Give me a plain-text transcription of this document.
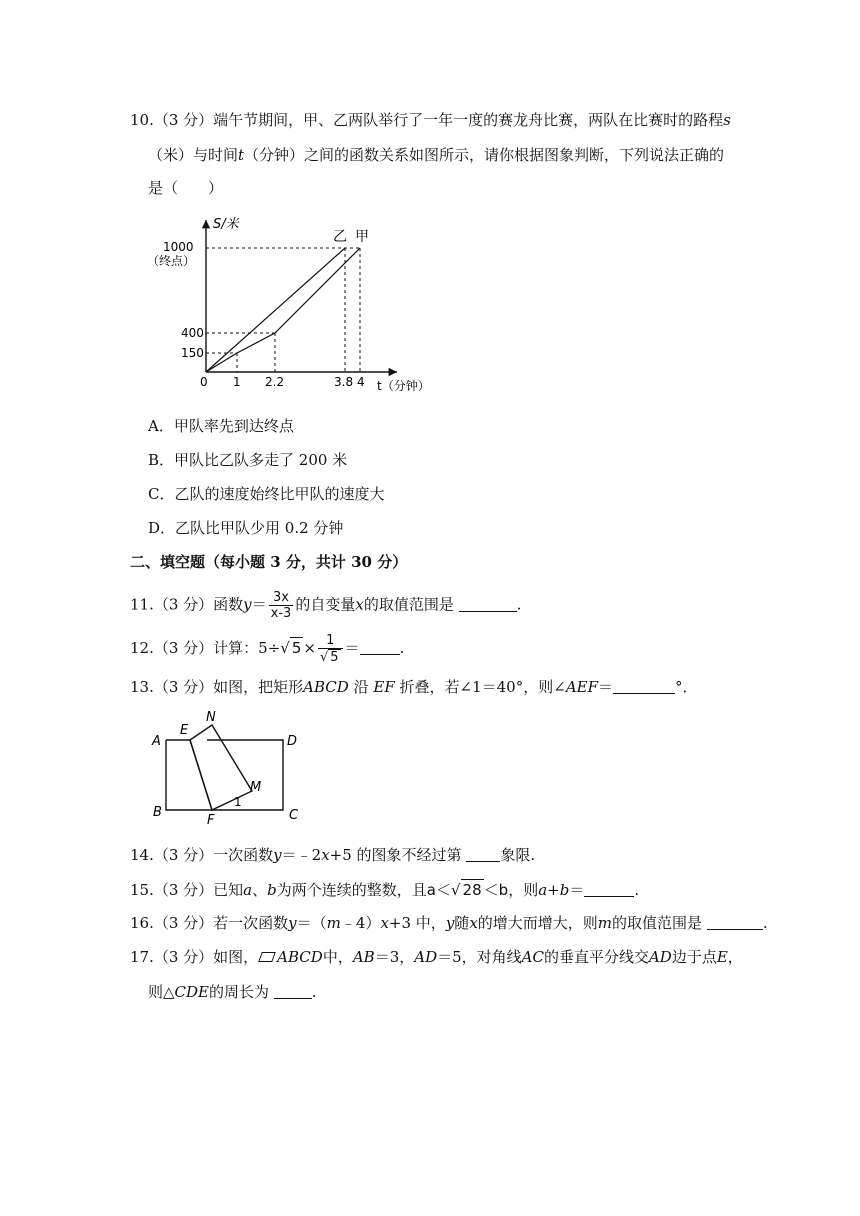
10.（3 分）端午节期间，甲、乙两队举行了一年一度的赛龙舟比赛，两队在比赛时的路程s
（米）与时间t（分钟）之间的函数关系如图所示，请你根据图象判断，下列说法正确的
是（　　）
S/米
1000
（终点）
400
150
0 1 2.2	3.8 4 t（分钟）
乙 甲
A．甲队率先到达终点
B．甲队比乙队多走了 200 米
C．乙队的速度始终比甲队的速度大
D．乙队比甲队少用 0.2 分钟
二、填空题（每小题 3 分，共计 30 分）
11.（3 分）函数$y= \frac{3x}{x-3}$ 的自变量x的取值范围是	.
12.（3 分）计算：5÷√ $5 \times \frac{1}{√ 5}$ ＝	.
13.（3 分）如图，把矩形ABCD 沿 EF 折叠，若∠1＝40°，则∠AEF＝	°．
A
B	C
D
E
N
M
F
1
14.（3 分）一次函数y＝﹣2x+5 的图象不经过第	象限.
15.（3 分）已知a、b为两个连续的整数，且a＜√ 28 ＜b，则a+b＝	.
16.（3 分）若一次函数y＝（m﹣4）x+3 中，y随x的增大而增大，则m的取值范围是	.
17.（3 分）如图， ABCD中，AB＝3，AD＝5，对角线AC的垂直平分线交AD边于点E，
则△CDE的周长为	.
